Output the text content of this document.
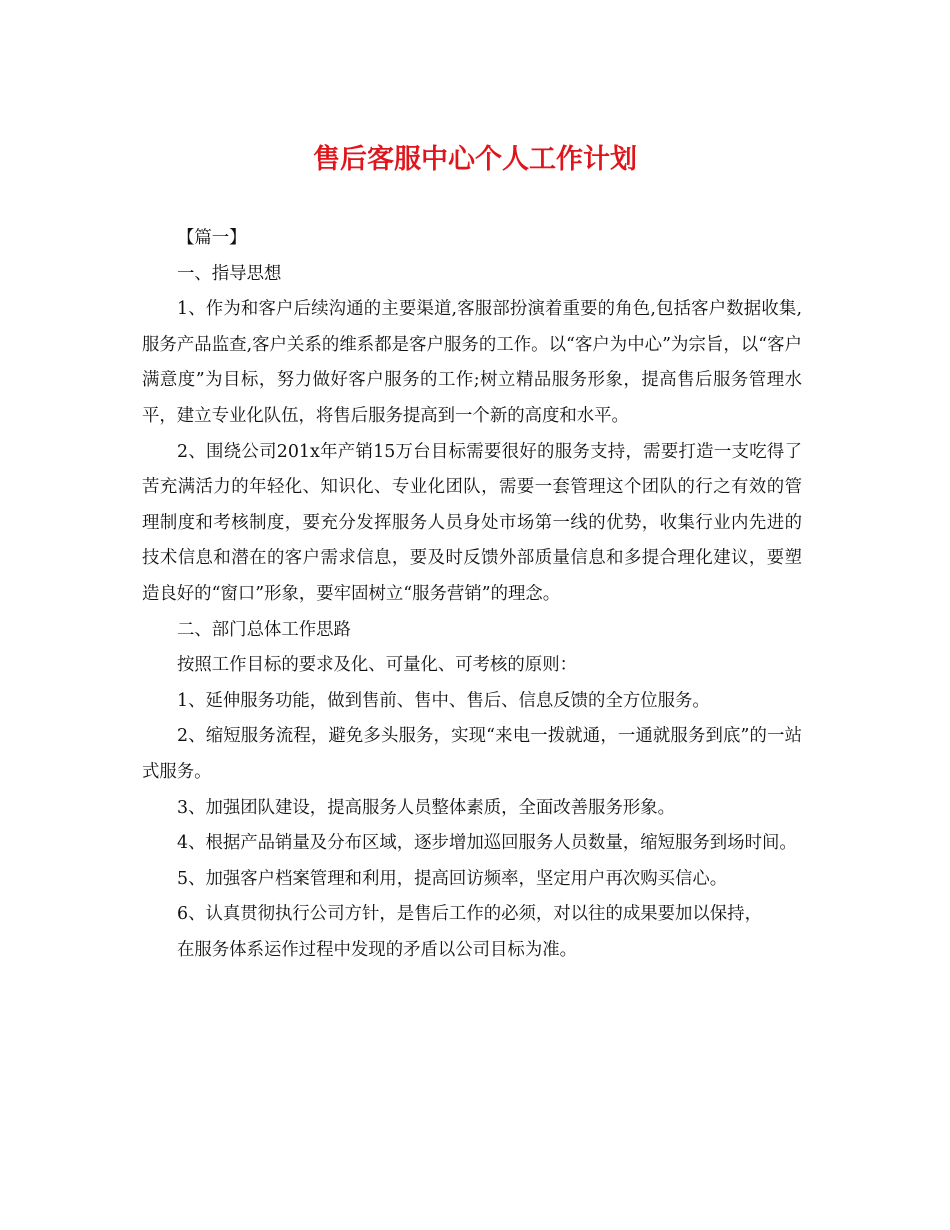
售后客服中心个人工作计划

【篇一】

一、指导思想

1、作为和客户后续沟通的主要渠道,客服部扮演着重要的角色,包括客户数据收集,服务产品监查,客户关系的维系都是客户服务的工作。以“客户为中心”为宗旨，以“客户满意度”为目标，努力做好客户服务的工作;树立精品服务形象，提高售后服务管理水平，建立专业化队伍，将售后服务提高到一个新的高度和水平。

2、围绕公司201x年产销15万台目标需要很好的服务支持，需要打造一支吃得了苦充满活力的年轻化、知识化、专业化团队，需要一套管理这个团队的行之有效的管理制度和考核制度，要充分发挥服务人员身处市场第一线的优势，收集行业内先进的技术信息和潜在的客户需求信息，要及时反馈外部质量信息和多提合理化建议，要塑造良好的“窗口”形象，要牢固树立“服务营销”的理念。

二、部门总体工作思路

按照工作目标的要求及化、可量化、可考核的原则：

1、延伸服务功能，做到售前、售中、售后、信息反馈的全方位服务。

2、缩短服务流程，避免多头服务，实现“来电一拨就通，一通就服务到底”的一站式服务。

3、加强团队建设，提高服务人员整体素质，全面改善服务形象。

4、根据产品销量及分布区域，逐步增加巡回服务人员数量，缩短服务到场时间。

5、加强客户档案管理和利用，提高回访频率，坚定用户再次购买信心。

6、认真贯彻执行公司方针，是售后工作的必须，对以往的成果要加以保持，

在服务体系运作过程中发现的矛盾以公司目标为准。
